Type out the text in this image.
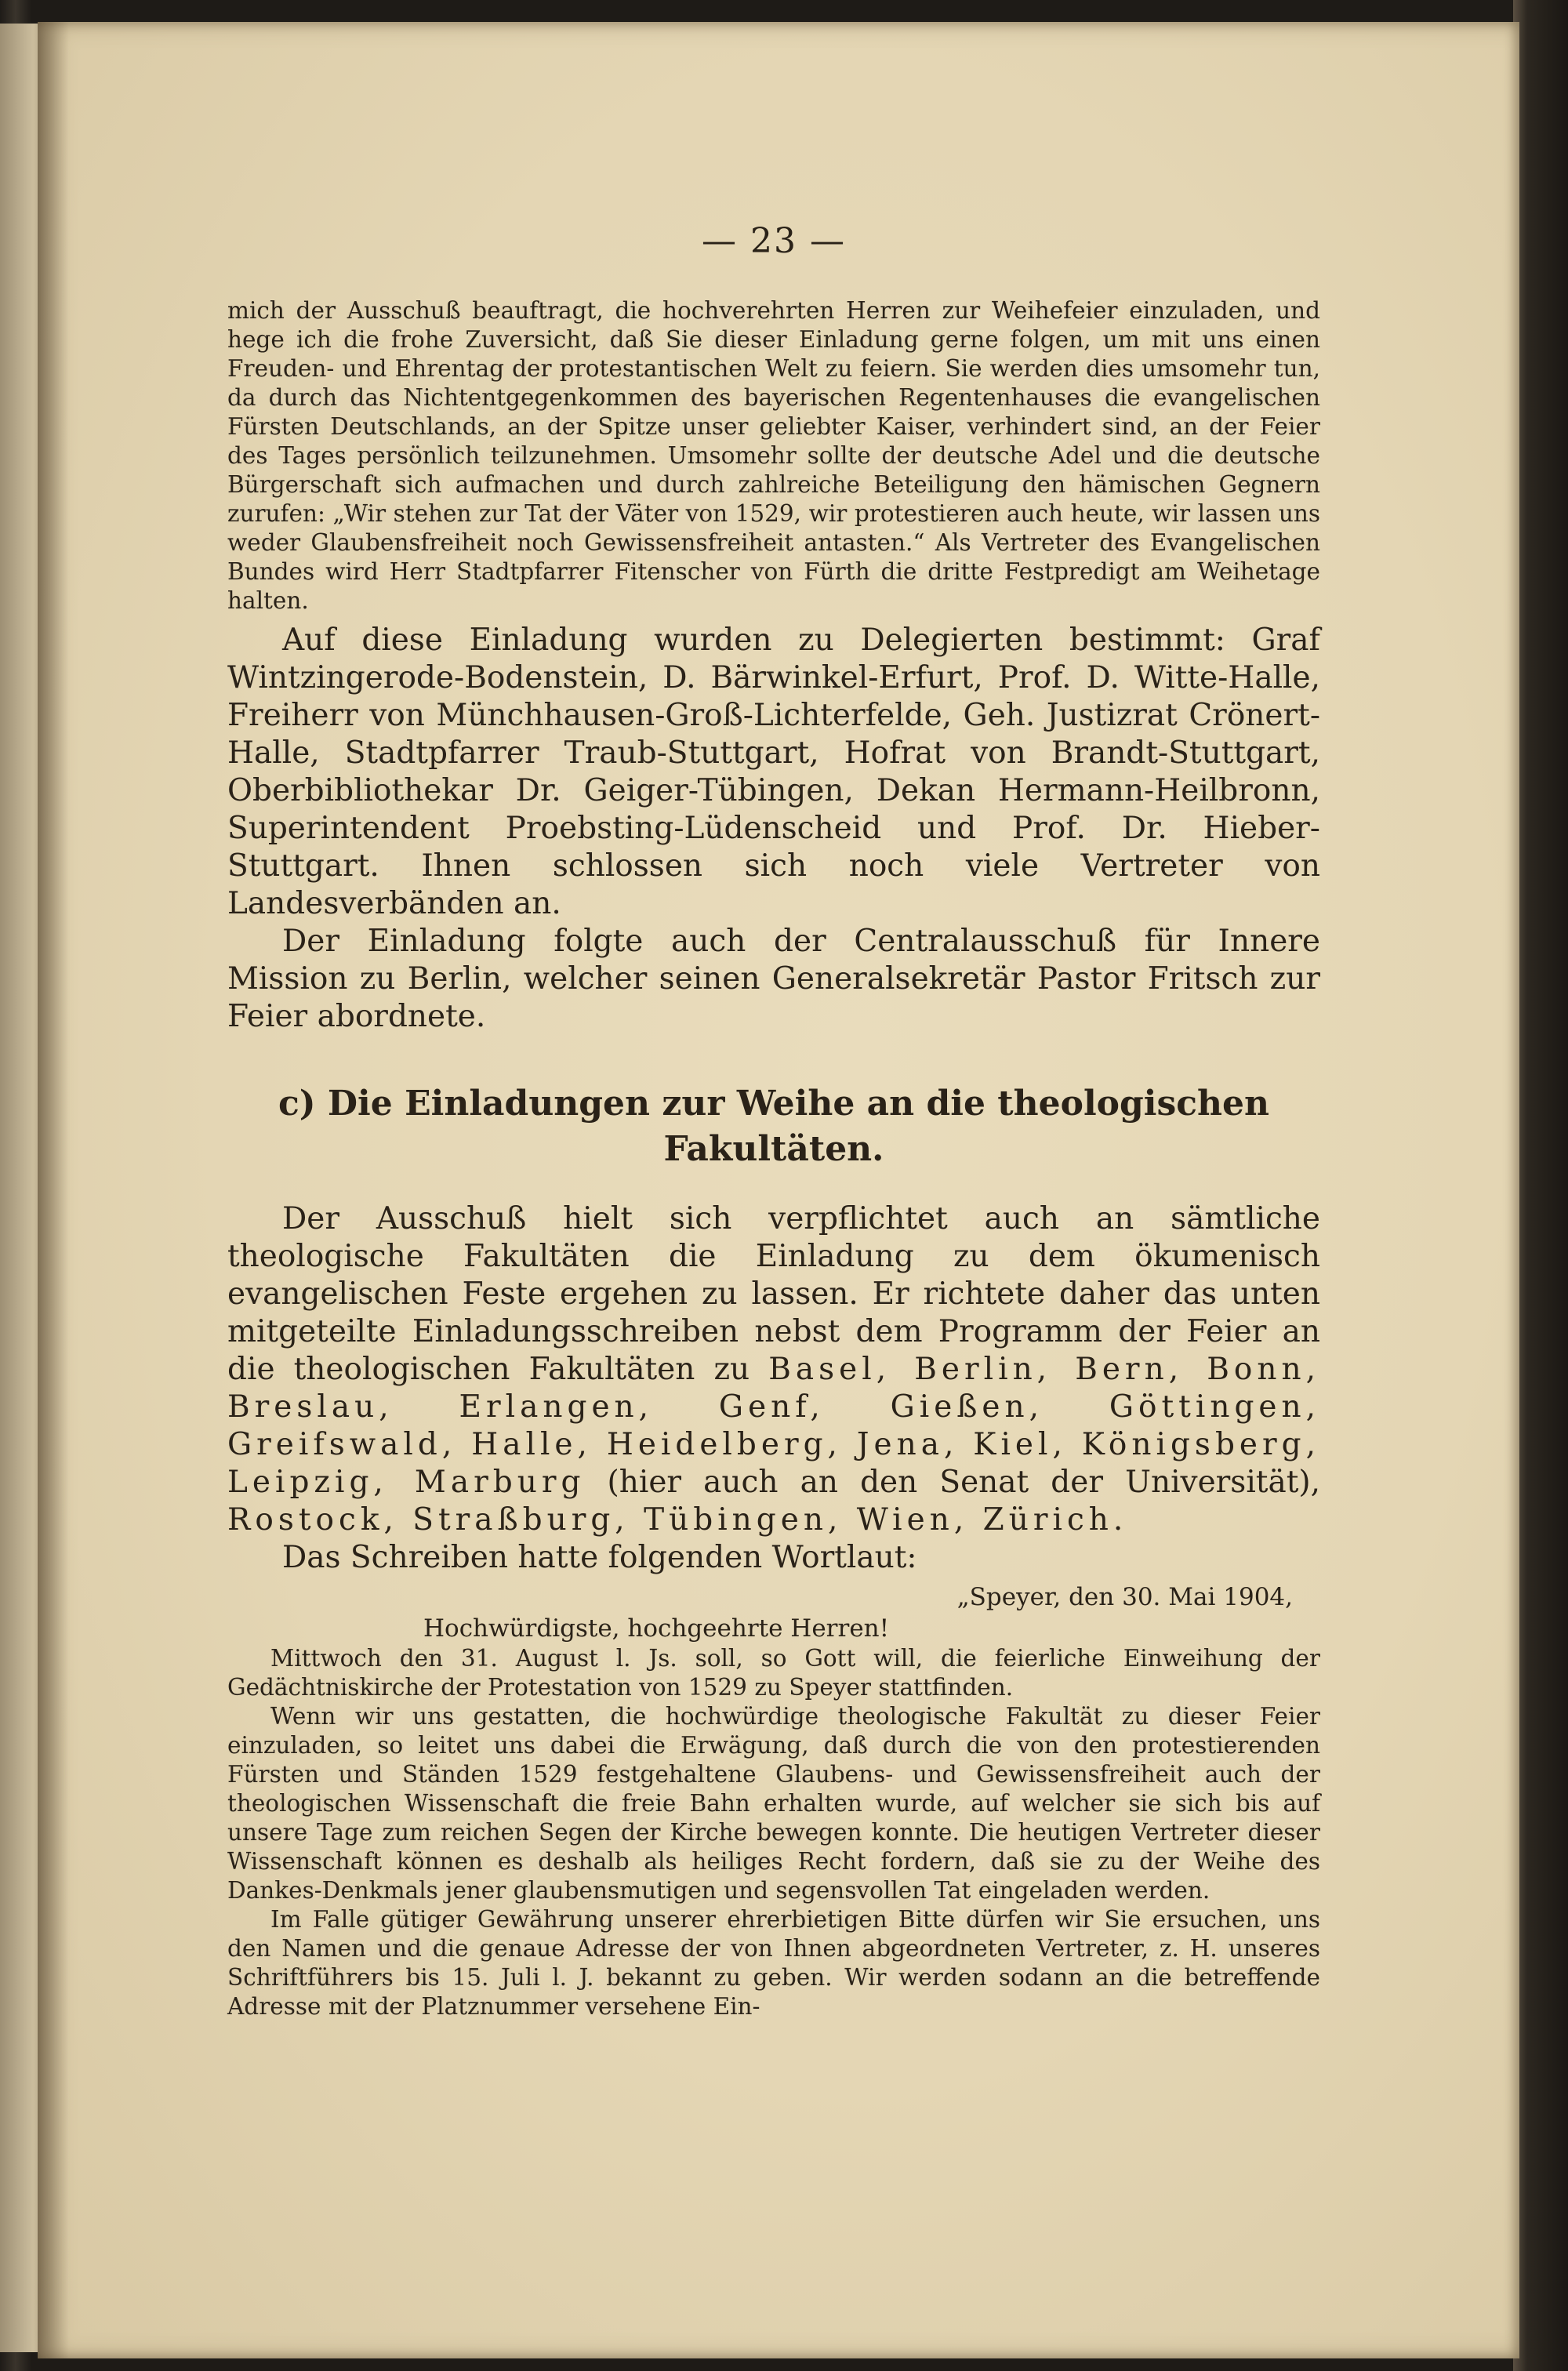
— 23 —

mich der Ausschuß beauftragt, die hochverehrten Herren zur Weihefeier einzuladen, und hege ich die frohe Zuversicht, daß Sie dieser Einladung gerne folgen, um mit uns einen Freuden- und Ehrentag der protestantischen Welt zu feiern. Sie werden dies umsomehr tun, da durch das Nichtentgegenkommen des bayerischen Regentenhauses die evangelischen Fürsten Deutschlands, an der Spitze unser geliebter Kaiser, verhindert sind, an der Feier des Tages persönlich teilzunehmen. Umsomehr sollte der deutsche Adel und die deutsche Bürgerschaft sich aufmachen und durch zahlreiche Beteiligung den hämischen Gegnern zurufen: „Wir stehen zur Tat der Väter von 1529, wir protestieren auch heute, wir lassen uns weder Glaubensfreiheit noch Gewissensfreiheit antasten.“ Als Vertreter des Evangelischen Bundes wird Herr Stadtpfarrer Fitenscher von Fürth die dritte Festpredigt am Weihetage halten.

Auf diese Einladung wurden zu Delegierten bestimmt: Graf Wintzingerode-Bodenstein, D. Bärwinkel-Erfurt, Prof. D. Witte-Halle, Freiherr von Münchhausen-Groß-Lichterfelde, Geh. Justizrat Crönert-Halle, Stadtpfarrer Traub-Stuttgart, Hofrat von Brandt-Stuttgart, Oberbibliothekar Dr. Geiger-Tübingen, Dekan Hermann-Heilbronn, Superintendent Proebsting-Lüdenscheid und Prof. Dr. Hieber-Stuttgart. Ihnen schlossen sich noch viele Vertreter von Landesverbänden an.

Der Einladung folgte auch der Centralausschuß für Innere Mission zu Berlin, welcher seinen Generalsekretär Pastor Fritsch zur Feier abordnete.

c) Die Einladungen zur Weihe an die theologischen Fakultäten.

Der Ausschuß hielt sich verpflichtet auch an sämtliche theologische Fakultäten die Einladung zu dem ökumenisch evangelischen Feste ergehen zu lassen. Er richtete daher das unten mitgeteilte Einladungsschreiben nebst dem Programm der Feier an die theologischen Fakultäten zu Basel, Berlin, Bern, Bonn, Breslau, Erlangen, Genf, Gießen, Göttingen, Greifswald, Halle, Heidelberg, Jena, Kiel, Königsberg, Leipzig, Marburg (hier auch an den Senat der Universität), Rostock, Straßburg, Tübingen, Wien, Zürich.

Das Schreiben hatte folgenden Wortlaut:

„Speyer, den 30. Mai 1904,

Hochwürdigste, hochgeehrte Herren!

Mittwoch den 31. August l. Js. soll, so Gott will, die feierliche Einweihung der Gedächtniskirche der Protestation von 1529 zu Speyer stattfinden.

Wenn wir uns gestatten, die hochwürdige theologische Fakultät zu dieser Feier einzuladen, so leitet uns dabei die Erwägung, daß durch die von den protestierenden Fürsten und Ständen 1529 festgehaltene Glaubens- und Gewissensfreiheit auch der theologischen Wissenschaft die freie Bahn erhalten wurde, auf welcher sie sich bis auf unsere Tage zum reichen Segen der Kirche bewegen konnte. Die heutigen Vertreter dieser Wissenschaft können es deshalb als heiliges Recht fordern, daß sie zu der Weihe des Dankes-Denkmals jener glaubensmutigen und segensvollen Tat eingeladen werden.

Im Falle gütiger Gewährung unserer ehrerbietigen Bitte dürfen wir Sie ersuchen, uns den Namen und die genaue Adresse der von Ihnen abgeordneten Vertreter, z. H. unseres Schriftführers bis 15. Juli l. J. bekannt zu geben. Wir werden sodann an die betreffende Adresse mit der Platznummer versehene Ein-
